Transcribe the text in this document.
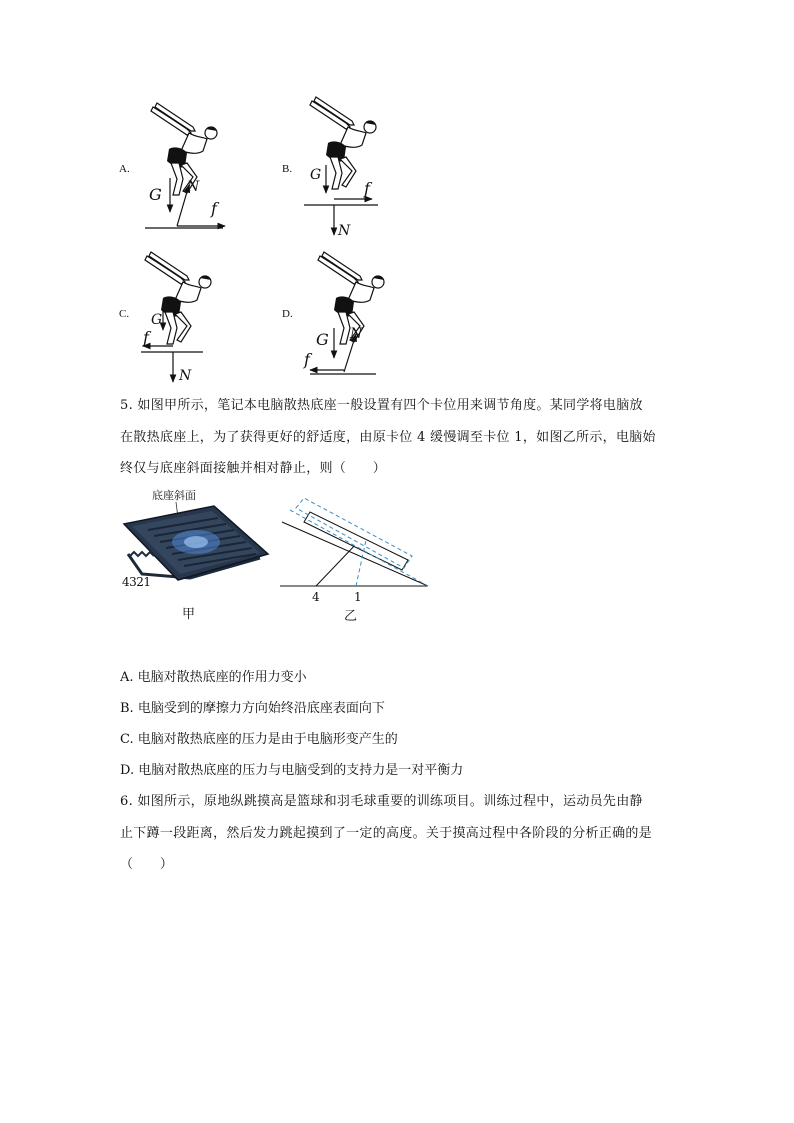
A.
G N
f
B. G
N
f
C. G
N
f
D.
G N
f
5. 如图甲所示，笔记本电脑散热底座一般设置有四个卡位用来调节角度。某同学将电脑放
在散热底座上，为了获得更好的舒适度，由原卡位 4 缓慢调至卡位 1，如图乙所示，电脑始
终仅与底座斜面接触并相对静止，则（　　）
底座斜面
4321
甲
4	1
乙
A. 电脑对散热底座的作用力变小
B. 电脑受到的摩擦力方向始终沿底座表面向下
C. 电脑对散热底座的压力是由于电脑形变产生的
D. 电脑对散热底座的压力与电脑受到的支持力是一对平衡力
6. 如图所示，原地纵跳摸高是篮球和羽毛球重要的训练项目。训练过程中，运动员先由静
止下蹲一段距离，然后发力跳起摸到了一定的高度。关于摸高过程中各阶段的分析正确的是
（　　）
